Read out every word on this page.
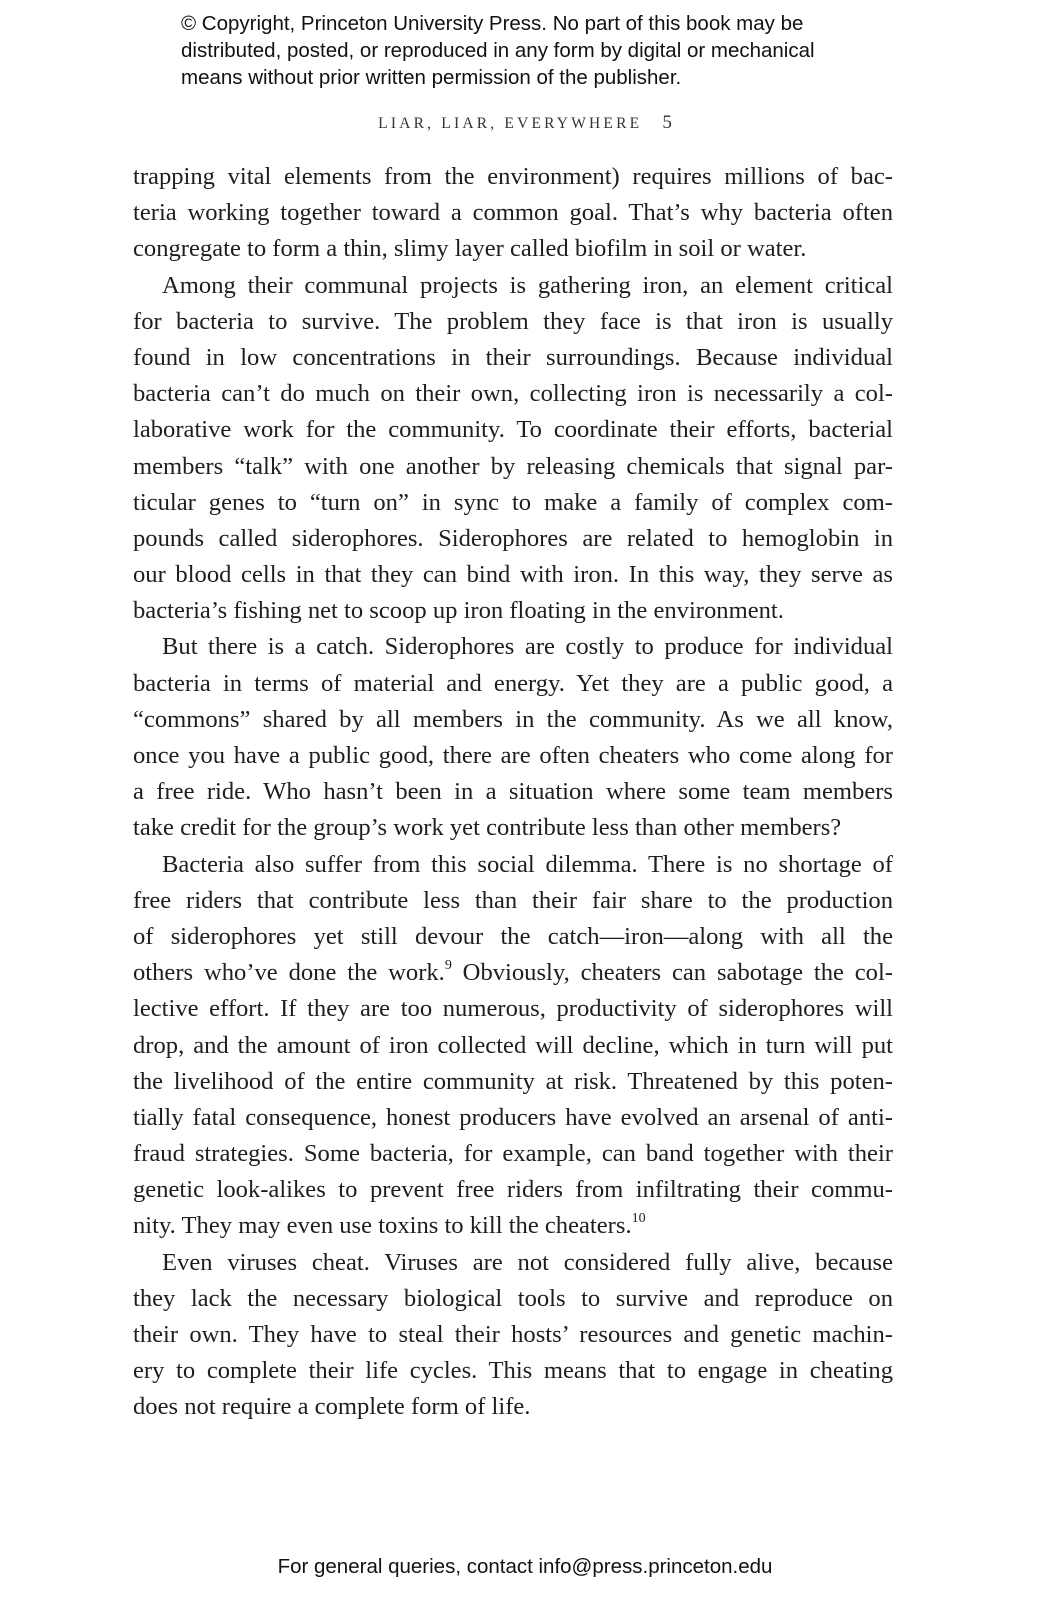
© Copyright, Princeton University Press. No part of this book may be
distributed, posted, or reproduced in any form by digital or mechanical
means without prior written permission of the publisher.
LIAR, LIAR, EVERYWHERE 5
trapping vital elements from the environment) requires millions of bac-
teria working together toward a common goal. That’s why bacteria often
congregate to form a thin, slimy layer called biofilm in soil or water.
Among their communal projects is gathering iron, an element critical
for bacteria to survive. The problem they face is that iron is usually
found in low concentrations in their surroundings. Because individual
bacteria can’t do much on their own, collecting iron is necessarily a col-
laborative work for the community. To coordinate their efforts, bacterial
members “talk” with one another by releasing chemicals that signal par-
ticular genes to “turn on” in sync to make a family of complex com-
pounds called siderophores. Siderophores are related to hemoglobin in
our blood cells in that they can bind with iron. In this way, they serve as
bacteria’s fishing net to scoop up iron floating in the environment.
But there is a catch. Siderophores are costly to produce for individual
bacteria in terms of material and energy. Yet they are a public good, a
“commons” shared by all members in the community. As we all know,
once you have a public good, there are often cheaters who come along for
a free ride. Who hasn’t been in a situation where some team members
take credit for the group’s work yet contribute less than other members?
Bacteria also suffer from this social dilemma. There is no shortage of
free riders that contribute less than their fair share to the production
of siderophores yet still devour the catch—iron—along with all the
others who’ve done the work.$^9$ Obviously, cheaters can sabotage the col-
lective effort. If they are too numerous, productivity of siderophores will
drop, and the amount of iron collected will decline, which in turn will put
the livelihood of the entire community at risk. Threatened by this poten-
tially fatal consequence, honest producers have evolved an arsenal of anti-
fraud strategies. Some bacteria, for example, can band together with their
genetic look-alikes to prevent free riders from infiltrating their commu-
nity. They may even use toxins to kill the cheaters.$^{10}$
Even viruses cheat. Viruses are not considered fully alive, because
they lack the necessary biological tools to survive and reproduce on
their own. They have to steal their hosts’ resources and genetic machin-
ery to complete their life cycles. This means that to engage in cheating
does not require a complete form of life.
For general queries, contact info@press.princeton.edu
